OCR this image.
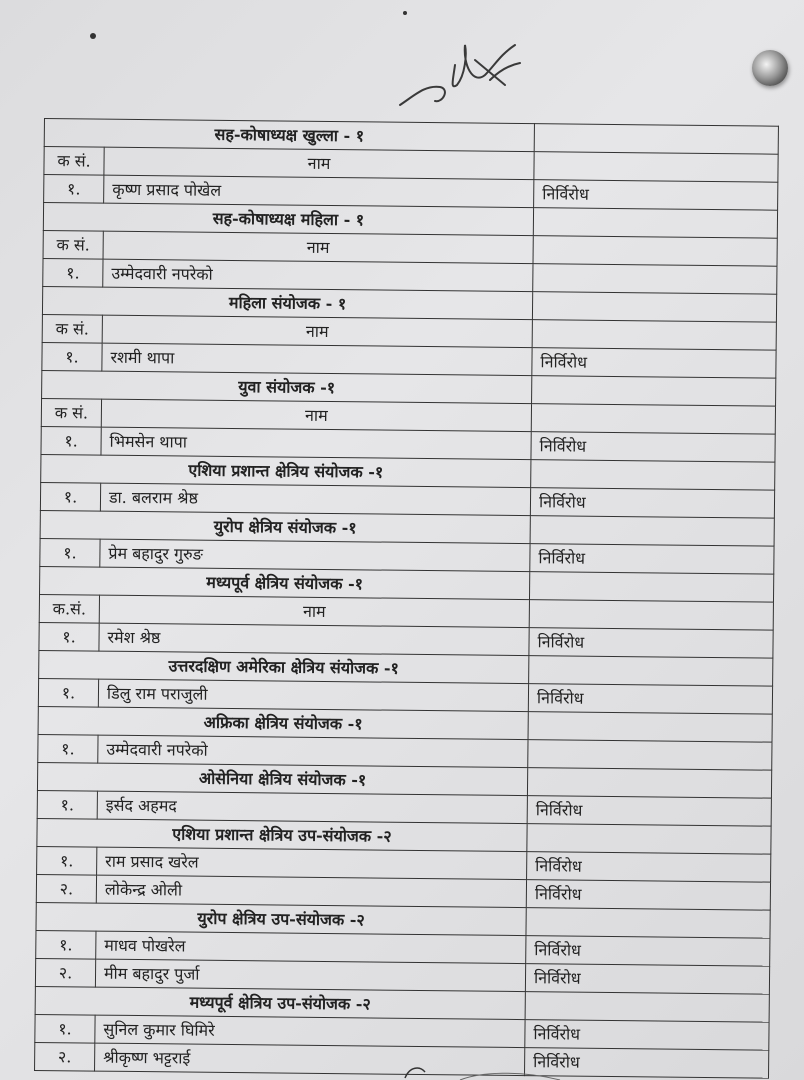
सह-कोषाध्यक्ष खुल्ला - १		
क सं.	नाम	
१.	कृष्ण प्रसाद पोखेल	निर्विरोध
सह-कोषाध्यक्ष महिला - १		
क सं.	नाम	
१.	उम्मेदवारी नपरेको	
महिला संयोजक - १		
क सं.	नाम	
१.	रशमी थापा	निर्विरोध
युवा संयोजक -१		
क सं.	नाम	
१.	भिमसेन थापा	निर्विरोध
एशिया प्रशान्त क्षेत्रिय संयोजक -१		
१.	डा. बलराम श्रेष्ठ	निर्विरोध
युरोप क्षेत्रिय संयोजक -१		
१.	प्रेम बहादुर गुरुङ	निर्विरोध
मध्यपूर्व क्षेत्रिय संयोजक -१		
क.सं.	नाम	
१.	रमेश श्रेष्ठ	निर्विरोध
उत्तरदक्षिण अमेरिका क्षेत्रिय संयोजक -१		
१.	डिलु राम पराजुली	निर्विरोध
अफ्रिका क्षेत्रिय संयोजक -१		
१.	उम्मेदवारी नपरेको	
ओसेनिया क्षेत्रिय संयोजक -१		
१.	इर्सद अहमद	निर्विरोध
एशिया प्रशान्त क्षेत्रिय उप-संयोजक -२		
१.	राम प्रसाद खरेल	निर्विरोध
२.	लोकेन्द्र ओली	निर्विरोध
युरोप क्षेत्रिय उप-संयोजक -२		
१.	माधव पोखरेल	निर्विरोध
२.	मीम बहादुर पुर्जा	निर्विरोध
मध्यपूर्व क्षेत्रिय उप-संयोजक -२		
१.	सुनिल कुमार घिमिरे	निर्विरोध
२.	श्रीकृष्ण भट्टराई	निर्विरोध
